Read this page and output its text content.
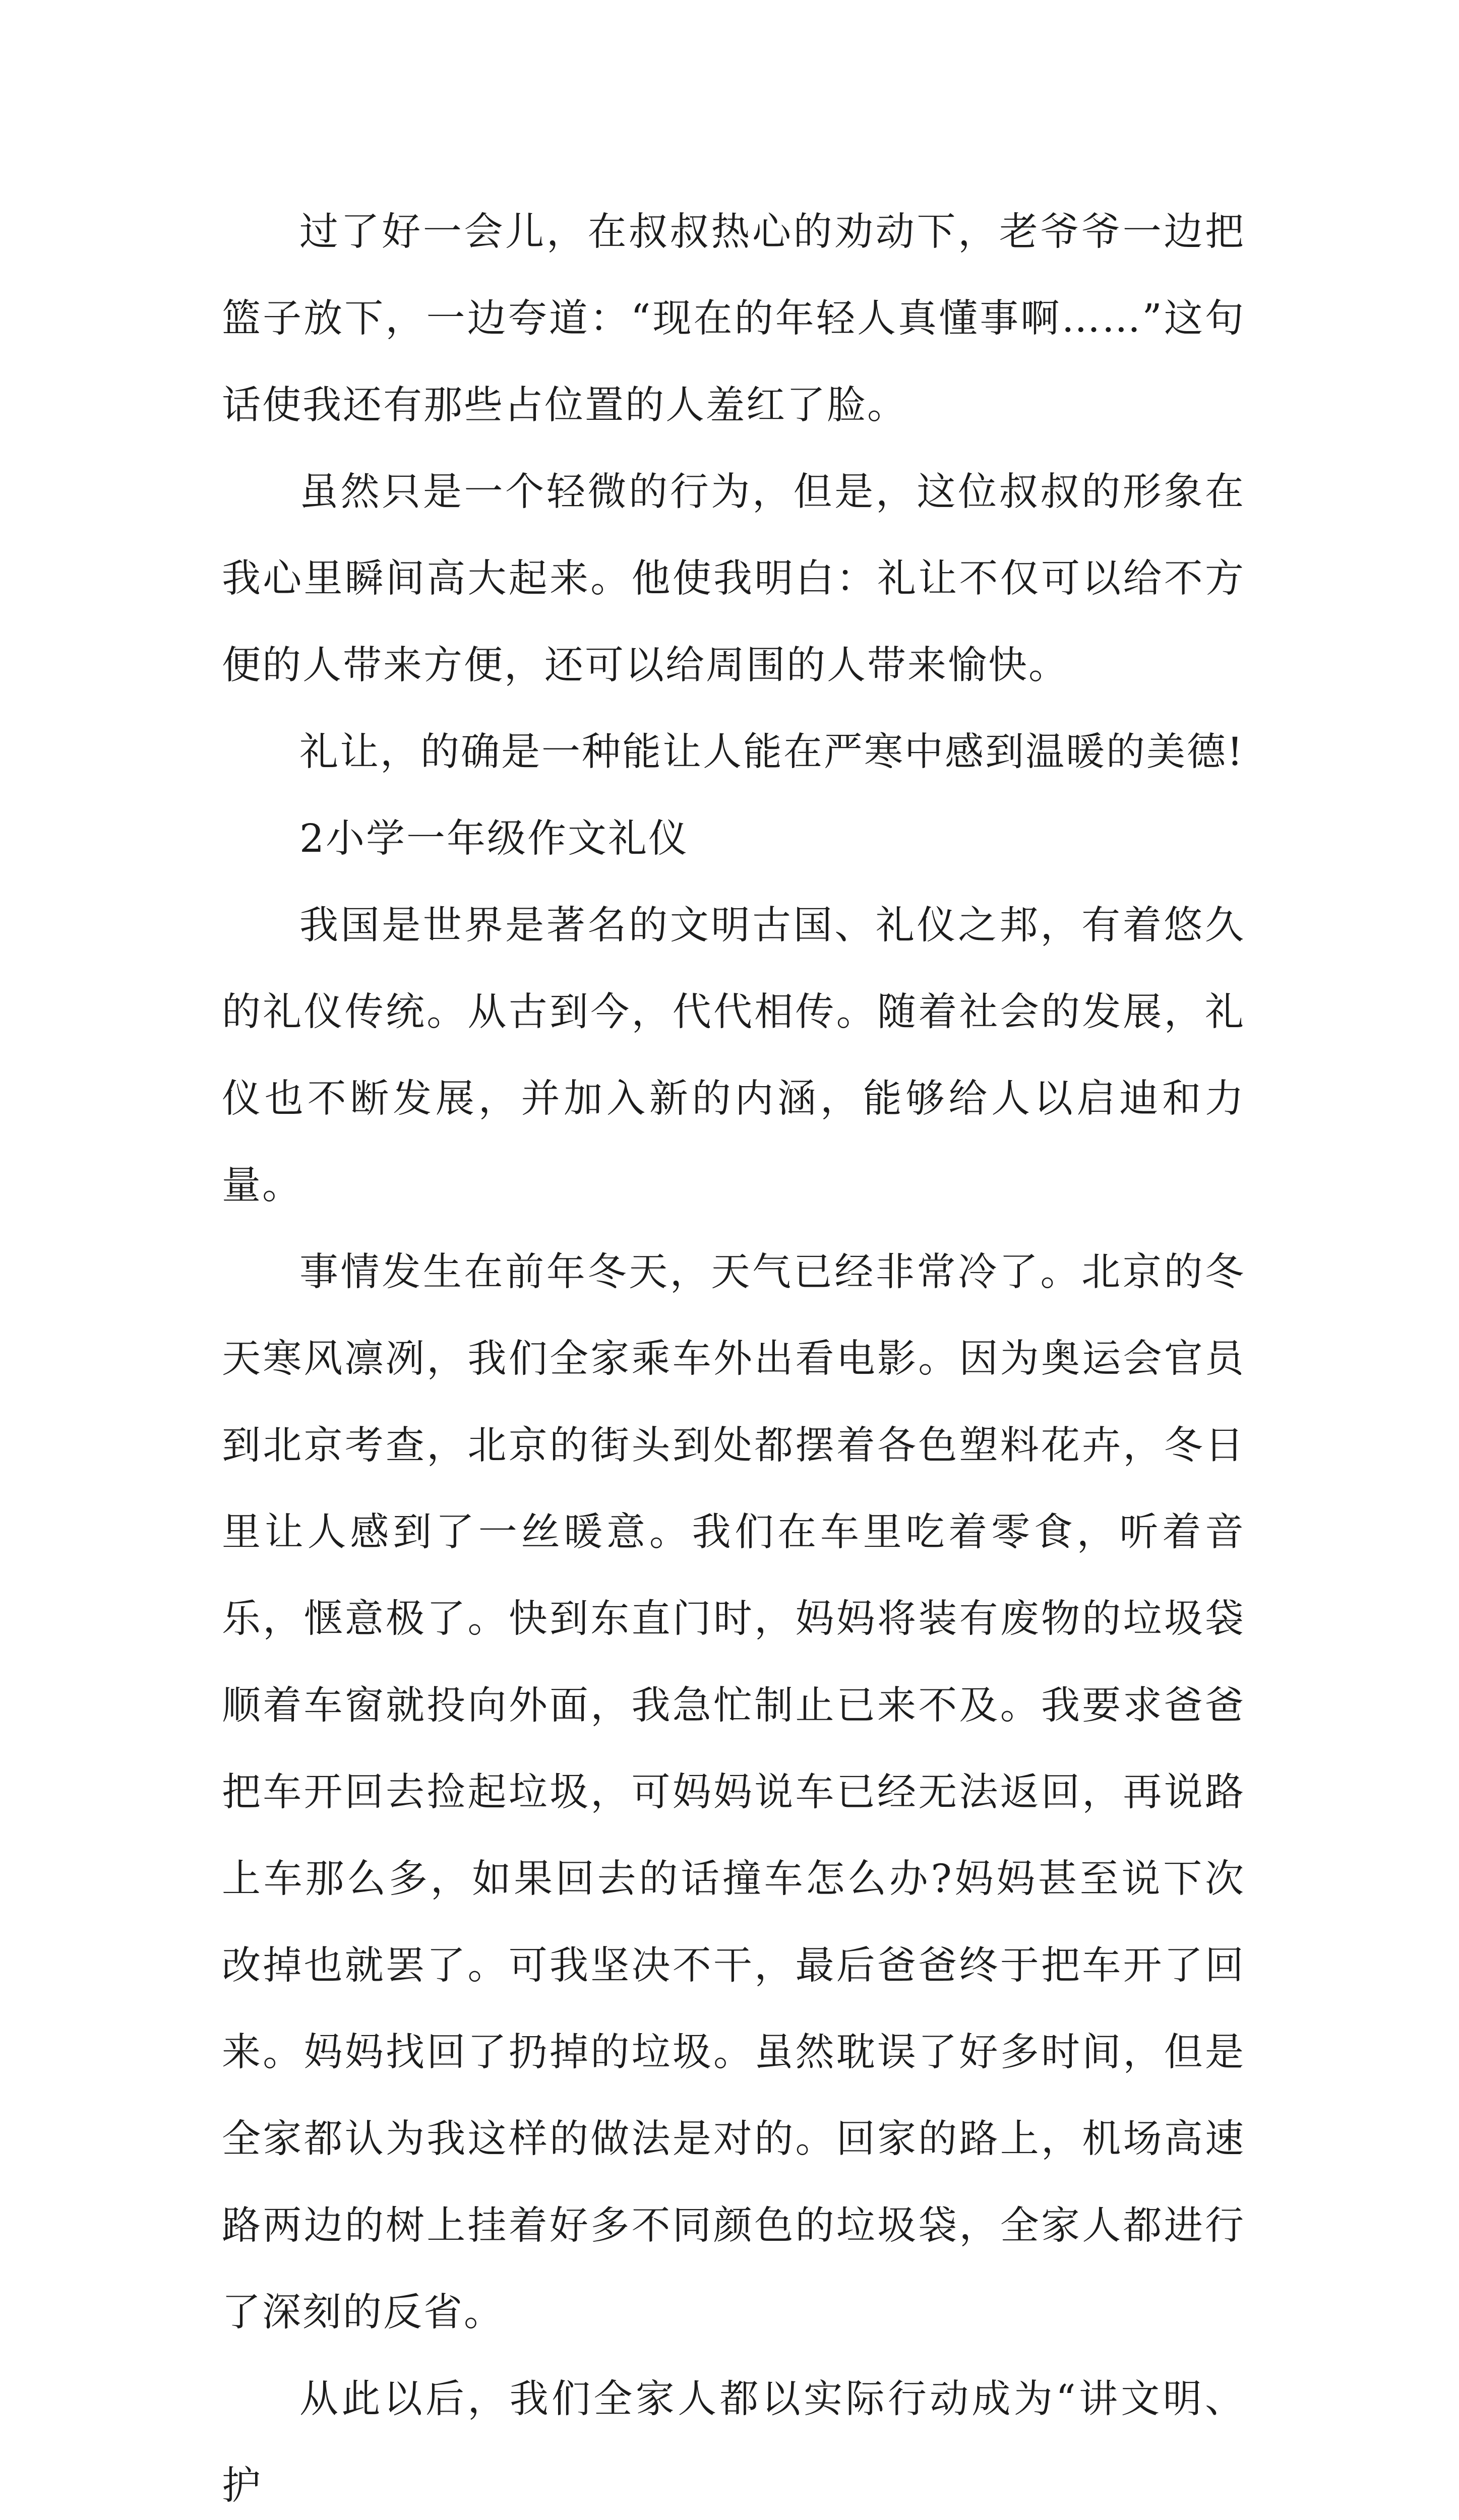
过了好一会儿，在叔叔热心的劝动下，老爷爷一边把篮子放下，一边夸道：“现在的年轻人真懂事啊……”这句话使我还有那些占位置的人羞红了脸。

虽然只是一个轻微的行为，但是，这位叔叔的形象在我心里瞬间高大起来。他使我明白：礼让不仅可以给不方便的人带来方便，还可以给周围的人带来愉快。

礼让，的确是一种能让人能在严寒中感到温暖的美德!

2小学一年级作文礼仪

我国是世界是著名的文明古国、礼仪之邦，有着悠久的礼仪传统。从古到今，代代相传。随着社会的发展，礼仪也不断发展，并加入新的内涵，能够给人以启迪和力量。

事情发生在前年冬天，天气已经非常冷了。北京的冬天寒风凛冽，我们全家乘车外出看电影。因为奥运会官员到北京考查，北京的街头到处都摆着各色塑料花卉，冬日里让人感到了一丝暖意。我们在车里吃着零食，听着音乐，惬意极了。快到东直门时，妈妈将装有废物的垃圾袋顺着车窗就投向外面，我急忙制止已来不及。我要求爸爸把车开回去捡起垃圾，可妈妈说车已经无法返回，再说路上车那么多，如果回去的话撞车怎么办?妈妈甚至说下次改掉也就罢了。可我坚决不干，最后爸爸终于把车开了回来。妈妈找回了扔掉的垃圾。虽然耽误了好多时间，但是全家都认为我这样的做法是对的。回家的路上，机场高速路两边的树上挂着好多不同颜色的垃圾袋，全家人都进行了深刻的反省。

从此以后，我们全家人都以实际行动成为“讲文明、护
